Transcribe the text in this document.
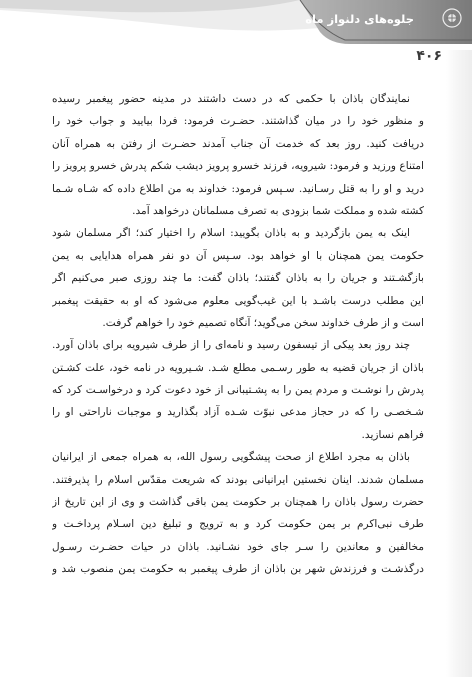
جلوه‌های دلنواز ماه
۴۰۶
نمایندگان باذان با حکمی که در دست داشتند در مدینه حضور پیغمبر رسیده
و منظور خود را در میان گذاشتند. حضـرت فرمود: فردا بیایید و جواب خود را
دریافت کنید. روز بعد که خدمت آن جناب آمدند حضـرت از رفتن به همراه آنان
امتناع ورزید و فرمود: شیرویه، فرزند خسرو پرویز دیشب شکم پدرش خسرو پرویز را
درید و او را به قتل رسـانید. سـپس فرمود: خداوند به من اطلاع داده که شـاه شـما
کشته شده و مملکت شما بزودی به تصرف مسلمانان درخواهد آمد.
اینک به یمن بازگردید و به باذان بگویید: اسلام را اختیار کند؛ اگر مسلمان شود
حکومت یمن همچنان با او خواهد بود. سـپس آن دو نفر همراه هدایایی به یمن
بازگشـتند و جریان را به باذان گفتند؛ باذان گفت: ما چند روزی صبر می‌کنیم اگر
این مطلب درست باشـد با این غیب‌گویی معلوم می‌شود که او به حقیقت پیغمبر
است و از طرف خداوند سخن می‌گوید؛ آنگاه تصمیم خود را خواهم گرفت.
چند روز بعد پیکی از تیسفون رسید و نامه‌ای را از طرف شیرویه برای باذان آورد.
باذان از جریان قضیه به طور رسـمی مطلع شـد. شـیرویه در نامه خود، علت کشـتن
پدرش را نوشـت و مردم یمن را به پشـتیبانی از خود دعوت کرد و درخواسـت کرد که
شـخصـی را که در حجاز مدعی نبوّت شـده آزاد بگذارید و موجبات ناراحتی او را
فراهم نسازید.
باذان به مجرد اطلاع از صحت پیشگویی رسول الله، به همراه جمعی از ایرانیان
مسلمان شدند. اینان نخستین ایرانیانی بودند که شریعت مقدّس اسلام را پذیرفتند.
حضرت رسول باذان را همچنان بر حکومت یمن باقی گذاشت و وی از این تاریخ از
طرف نبی‌اکرم بر یمن حکومت کرد و به ترویج و تبلیغ دین اسـلام پرداخـت و
مخالفین و معاندین را سـر جای خود نشـانید. باذان در حیات حضـرت رسـول
درگذشـت و فرزندش شهر بن باذان از طرف پیغمبر به حکومت یمن منصوب شد و
